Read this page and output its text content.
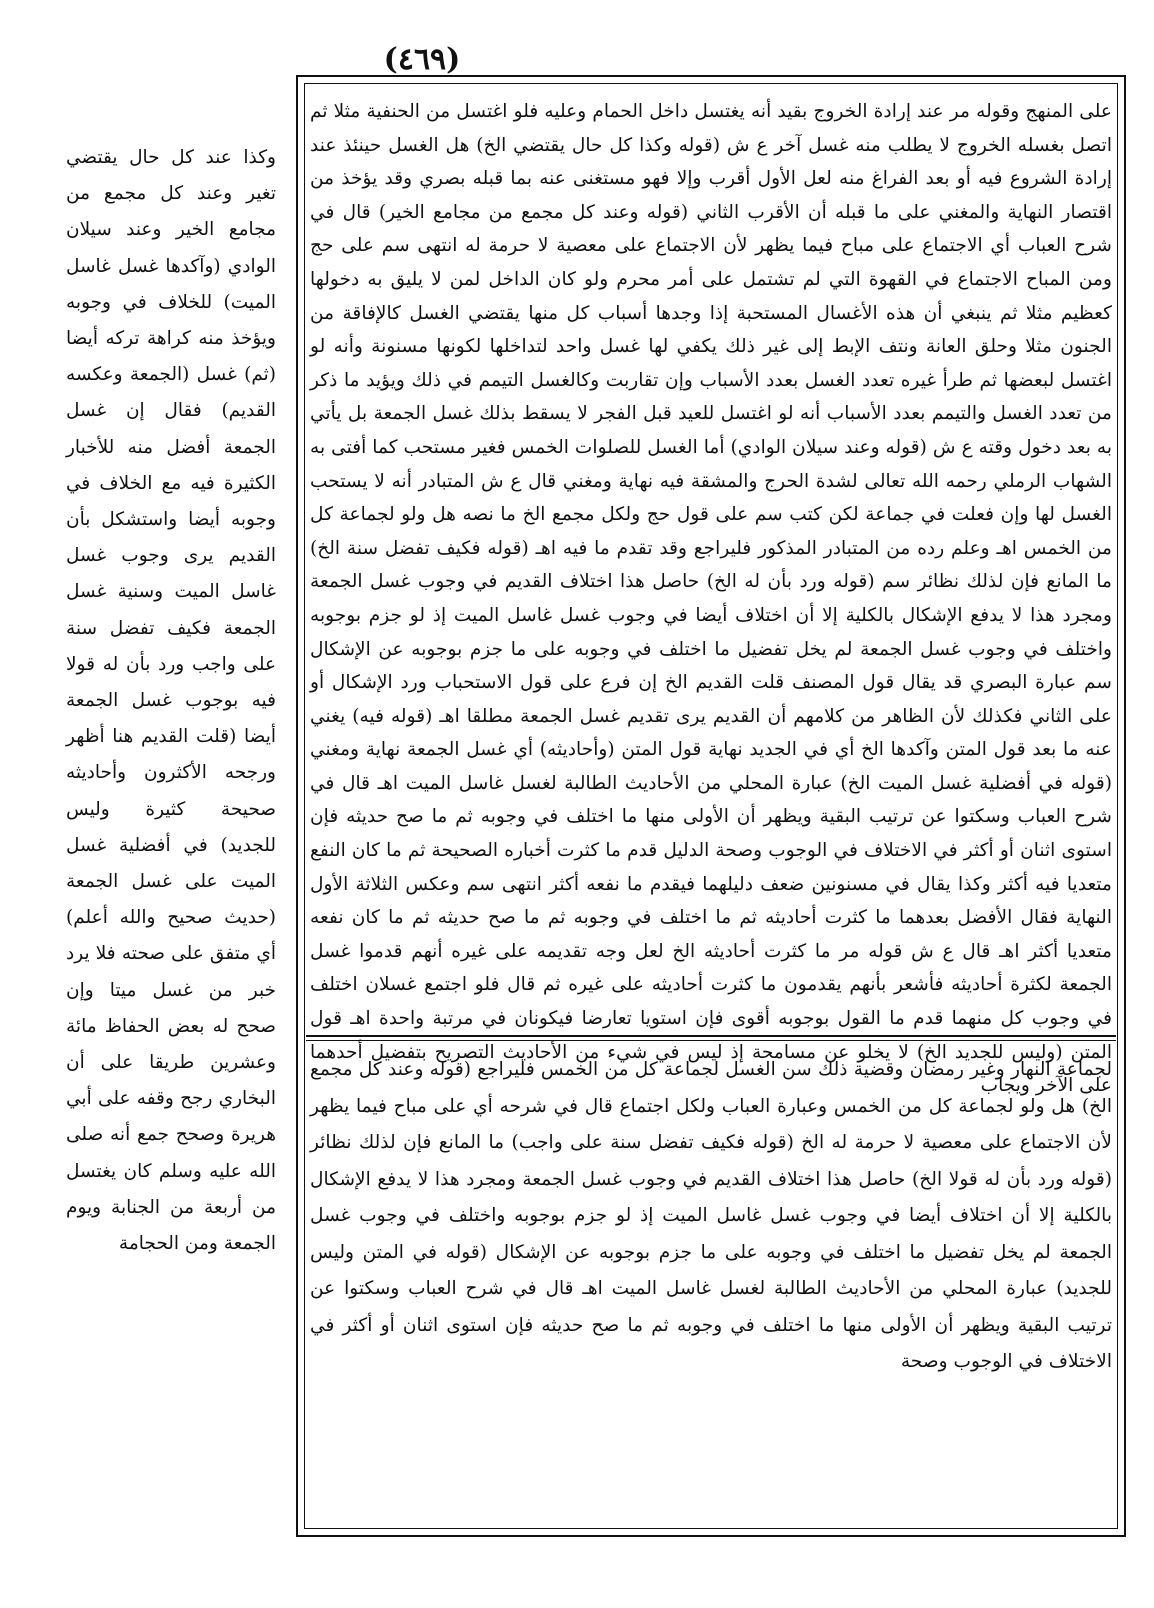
(٤٦٩)
وكذا عند كل حال يقتضي تغير وعند كل مجمع من مجامع الخير وعند سيلان الوادي (وآكدها غسل غاسل الميت) للخلاف في وجوبه ويؤخذ منه كراهة تركه أيضا (ثم) غسل (الجمعة وعكسه القديم) فقال إن غسل الجمعة أفضل منه للأخبار الكثيرة فيه مع الخلاف في وجوبه أيضا واستشكل بأن القديم يرى وجوب غسل غاسل الميت وسنية غسل الجمعة فكيف تفضل سنة على واجب ورد بأن له قولا فيه بوجوب غسل الجمعة أيضا (قلت القديم هنا أظهر ورجحه الأكثرون وأحاديثه صحيحة كثيرة وليس للجديد) في أفضلية غسل الميت على غسل الجمعة (حديث صحيح والله أعلم) أي متفق على صحته فلا يرد خبر من غسل ميتا وإن صحح له بعض الحفاظ مائة وعشرين طريقا على أن البخاري رجح وقفه على أبي هريرة وصحح جمع أنه صلى الله عليه وسلم كان يغتسل من أربعة من الجنابة ويوم الجمعة ومن الحجامة
على المنهج وقوله مر عند إرادة الخروج بقيد أنه يغتسل داخل الحمام وعليه فلو اغتسل من الحنفية مثلا ثم اتصل بغسله الخروج لا يطلب منه غسل آخر ع ش (قوله وكذا كل حال يقتضي الخ) هل الغسل حينئذ عند إرادة الشروع فيه أو بعد الفراغ منه لعل الأول أقرب وإلا فهو مستغنى عنه بما قبله بصري وقد يؤخذ من اقتصار النهاية والمغني على ما قبله أن الأقرب الثاني (قوله وعند كل مجمع من مجامع الخير) قال في شرح العباب أي الاجتماع على مباح فيما يظهر لأن الاجتماع على معصية لا حرمة له انتهى سم على حج ومن المباح الاجتماع في القهوة التي لم تشتمل على أمر محرم ولو كان الداخل لمن لا يليق به دخولها كعظيم مثلا ثم ينبغي أن هذه الأغسال المستحبة إذا وجدها أسباب كل منها يقتضي الغسل كالإفاقة من الجنون مثلا وحلق العانة ونتف الإبط إلى غير ذلك يكفي لها غسل واحد لتداخلها لكونها مسنونة وأنه لو اغتسل لبعضها ثم طرأ غيره تعدد الغسل بعدد الأسباب وإن تقاربت وكالغسل التيمم في ذلك ويؤيد ما ذكر من تعدد الغسل والتيمم بعدد الأسباب أنه لو اغتسل للعيد قبل الفجر لا يسقط بذلك غسل الجمعة بل يأتي به بعد دخول وقته ع ش (قوله وعند سيلان الوادي) أما الغسل للصلوات الخمس فغير مستحب كما أفتى به الشهاب الرملي رحمه الله تعالى لشدة الحرج والمشقة فيه نهاية ومغني قال ع ش المتبادر أنه لا يستحب الغسل لها وإن فعلت في جماعة لكن كتب سم على قول حج ولكل مجمع الخ ما نصه هل ولو لجماعة كل من الخمس اهـ وعلم رده من المتبادر المذكور فليراجع وقد تقدم ما فيه اهـ (قوله فكيف تفضل سنة الخ) ما المانع فإن لذلك نظائر سم (قوله ورد بأن له الخ) حاصل هذا اختلاف القديم في وجوب غسل الجمعة ومجرد هذا لا يدفع الإشكال بالكلية إلا أن اختلاف أيضا في وجوب غسل غاسل الميت إذ لو جزم بوجوبه واختلف في وجوب غسل الجمعة لم يخل تفضيل ما اختلف في وجوبه على ما جزم بوجوبه عن الإشكال سم عبارة البصري قد يقال قول المصنف قلت القديم الخ إن فرع على قول الاستحباب ورد الإشكال أو على الثاني فكذلك لأن الظاهر من كلامهم أن القديم يرى تقديم غسل الجمعة مطلقا اهـ (قوله فيه) يغني عنه ما بعد قول المتن وآكدها الخ أي في الجديد نهاية قول المتن (وأحاديثه) أي غسل الجمعة نهاية ومغني (قوله في أفضلية غسل الميت الخ) عبارة المحلي من الأحاديث الطالبة لغسل غاسل الميت اهـ قال في شرح العباب وسكتوا عن ترتيب البقية ويظهر أن الأولى منها ما اختلف في وجوبه ثم ما صح حديثه فإن استوى اثنان أو أكثر في الاختلاف في الوجوب وصحة الدليل قدم ما كثرت أخباره الصحيحة ثم ما كان النفع متعديا فيه أكثر وكذا يقال في مسنونين ضعف دليلهما فيقدم ما نفعه أكثر انتهى سم وعكس الثلاثة الأول النهاية فقال الأفضل بعدهما ما كثرت أحاديثه ثم ما اختلف في وجوبه ثم ما صح حديثه ثم ما كان نفعه متعديا أكثر اهـ قال ع ش قوله مر ما كثرت أحاديثه الخ لعل وجه تقديمه على غيره أنهم قدموا غسل الجمعة لكثرة أحاديثه فأشعر بأنهم يقدمون ما كثرت أحاديثه على غيره ثم قال فلو اجتمع غسلان اختلف في وجوب كل منهما قدم ما القول بوجوبه أقوى فإن استويا تعارضا فيكونان في مرتبة واحدة اهـ قول المتن (وليس للجديد الخ) لا يخلو عن مسامحة إذ ليس في شيء من الأحاديث التصريح بتفضيل أحدهما على الآخر ويجاب
لجماعة النهار وغير رمضان وقضية ذلك سن الغسل لجماعة كل من الخمس فليراجع (قوله وعند كل مجمع الخ) هل ولو لجماعة كل من الخمس وعبارة العباب ولكل اجتماع قال في شرحه أي على مباح فيما يظهر لأن الاجتماع على معصية لا حرمة له الخ (قوله فكيف تفضل سنة على واجب) ما المانع فإن لذلك نظائر (قوله ورد بأن له قولا الخ) حاصل هذا اختلاف القديم في وجوب غسل الجمعة ومجرد هذا لا يدفع الإشكال بالكلية إلا أن اختلاف أيضا في وجوب غسل غاسل الميت إذ لو جزم بوجوبه واختلف في وجوب غسل الجمعة لم يخل تفضيل ما اختلف في وجوبه على ما جزم بوجوبه عن الإشكال (قوله في المتن وليس للجديد) عبارة المحلي من الأحاديث الطالبة لغسل غاسل الميت اهـ قال في شرح العباب وسكتوا عن ترتيب البقية ويظهر أن الأولى منها ما اختلف في وجوبه ثم ما صح حديثه فإن استوى اثنان أو أكثر في الاختلاف في الوجوب وصحة
